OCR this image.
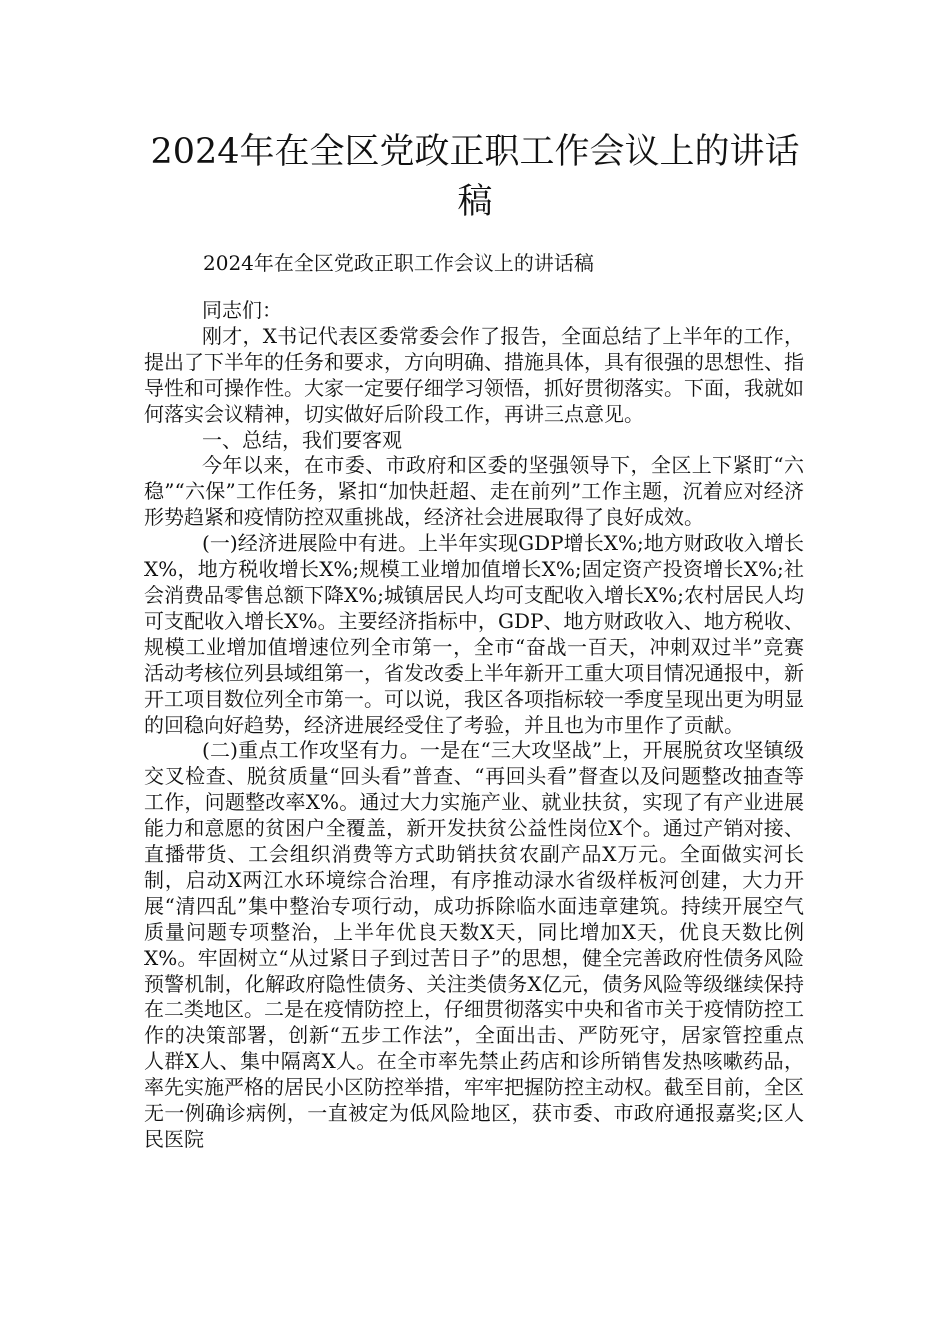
2024年在全区党政正职工作会议上的讲话稿

2024年在全区党政正职工作会议上的讲话稿

同志们：

刚才，X书记代表区委常委会作了报告，全面总结了上半年的工作，提出了下半年的任务和要求，方向明确、措施具体，具有很强的思想性、指导性和可操作性。大家一定要仔细学习领悟，抓好贯彻落实。下面，我就如何落实会议精神，切实做好后阶段工作，再讲三点意见。

一、总结，我们要客观

今年以来，在市委、市政府和区委的坚强领导下，全区上下紧盯“六稳”“六保”工作任务，紧扣“加快赶超、走在前列”工作主题，沉着应对经济形势趋紧和疫情防控双重挑战，经济社会进展取得了良好成效。

(一)经济进展险中有进。上半年实现GDP增长X%;地方财政收入增长X%，地方税收增长X%;规模工业增加值增长X%;固定资产投资增长X%;社会消费品零售总额下降X%;城镇居民人均可支配收入增长X%;农村居民人均可支配收入增长X%。主要经济指标中，GDP、地方财政收入、地方税收、规模工业增加值增速位列全市第一，全市“奋战一百天，冲刺双过半”竞赛活动考核位列县域组第一，省发改委上半年新开工重大项目情况通报中，新开工项目数位列全市第一。可以说，我区各项指标较一季度呈现出更为明显的回稳向好趋势，经济进展经受住了考验，并且也为市里作了贡献。

(二)重点工作攻坚有力。一是在“三大攻坚战”上，开展脱贫攻坚镇级交叉检查、脱贫质量“回头看”普查、“再回头看”督查以及问题整改抽查等工作，问题整改率X%。通过大力实施产业、就业扶贫，实现了有产业进展能力和意愿的贫困户全覆盖，新开发扶贫公益性岗位X个。通过产销对接、直播带货、工会组织消费等方式助销扶贫农副产品X万元。全面做实河长制，启动X两江水环境综合治理，有序推动渌水省级样板河创建，大力开展“清四乱”集中整治专项行动，成功拆除临水面违章建筑。持续开展空气质量问题专项整治，上半年优良天数X天，同比增加X天，优良天数比例X%。牢固树立“从过紧日子到过苦日子”的思想，健全完善政府性债务风险预警机制，化解政府隐性债务、关注类债务X亿元，债务风险等级继续保持在二类地区。二是在疫情防控上，仔细贯彻落实中央和省市关于疫情防控工作的决策部署，创新“五步工作法”，全面出击、严防死守，居家管控重点人群X人、集中隔离X人。在全市率先禁止药店和诊所销售发热咳嗽药品，率先实施严格的居民小区防控举措，牢牢把握防控主动权。截至目前，全区无一例确诊病例，一直被定为低风险地区，获市委、市政府通报嘉奖;区人民医院
